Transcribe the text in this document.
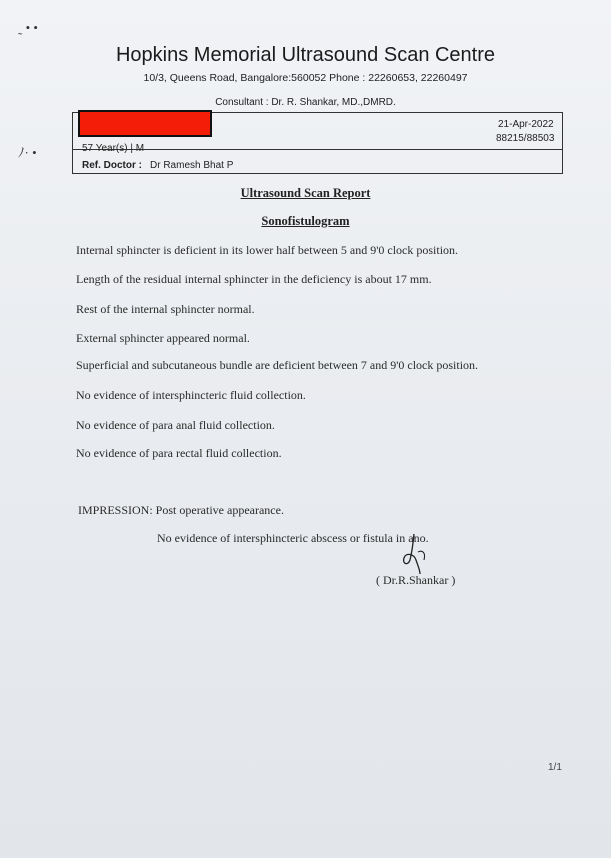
˷ • •
ﾉ· •
Hopkins Memorial Ultrasound Scan Centre
10/3, Queens Road, Bangalore:560052 Phone : 22260653, 22260497
Consultant : Dr. R. Shankar, MD.,DMRD.
57 Year(s) | M
Ref. Doctor : Dr Ramesh Bhat P
21-Apr-2022
88215/88503
Ultrasound Scan Report
Sonofistulogram
Internal sphincter is deficient in its lower half between 5 and 9'0 clock position.
Length of the residual internal sphincter in the deficiency is about 17 mm.
Rest of the internal sphincter normal.
External sphincter appeared normal.
Superficial and subcutaneous bundle are deficient between 7 and 9'0 clock position.
No evidence of intersphincteric fluid collection.
No evidence of para anal fluid collection.
No evidence of para rectal fluid collection.
IMPRESSION: Post operative appearance.
No evidence of intersphincteric abscess or fistula in ano.
( Dr.R.Shankar )
1/1
